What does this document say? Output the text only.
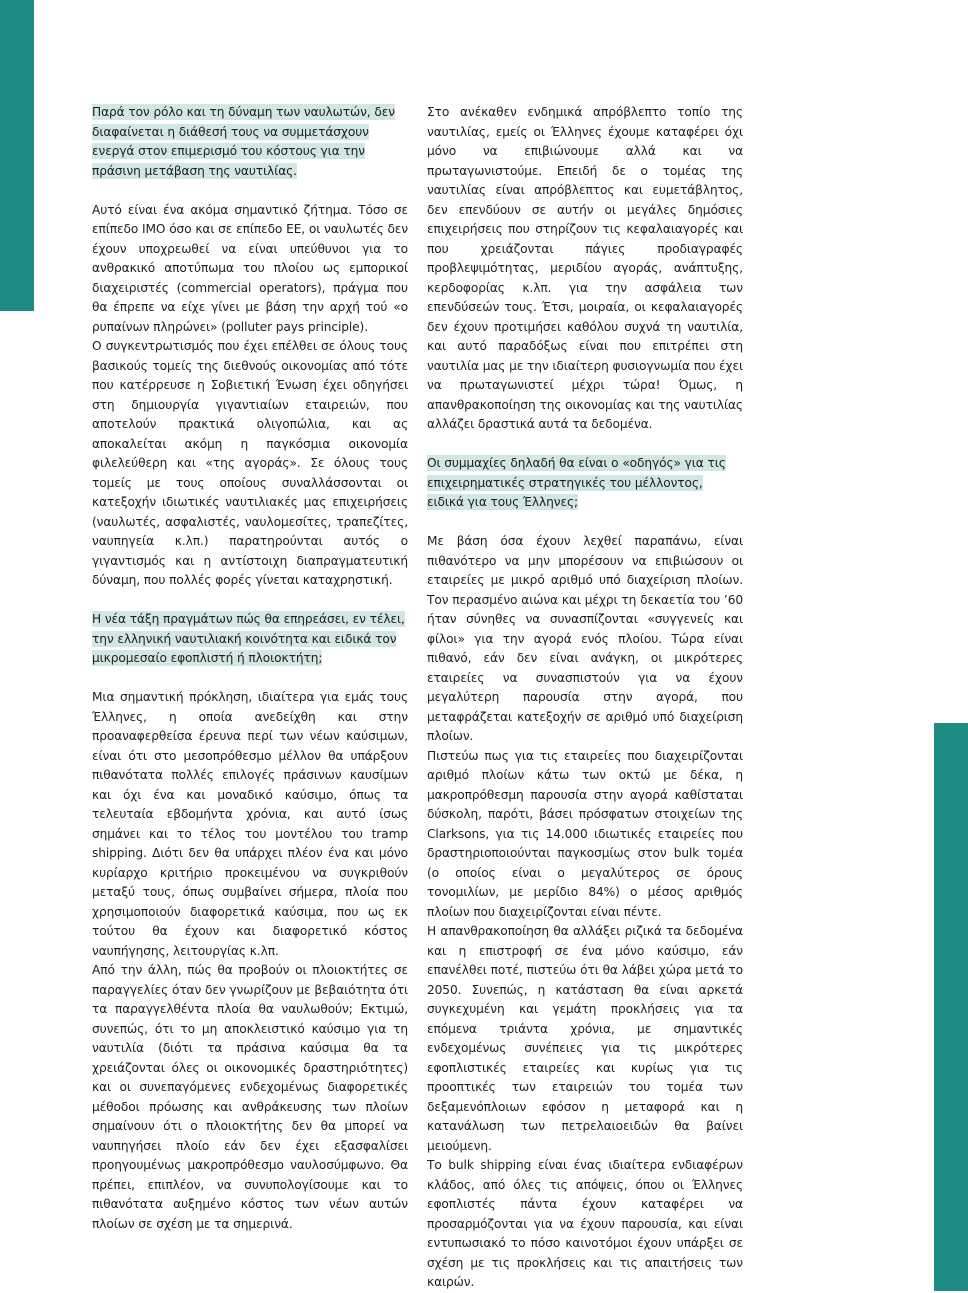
Παρά τον ρόλο και τη δύναμη των ναυλωτών, δεν διαφαίνεται η διάθεσή τους να συμμετάσχουν ενεργά στον επιμερισμό του κόστους για την πράσινη μετάβαση της ναυτιλίας.

Αυτό είναι ένα ακόμα σημαντικό ζήτημα. Τόσο σε επίπεδο IMO όσο και σε επίπεδο ΕΕ, οι ναυλωτές δεν έχουν υποχρεωθεί να είναι υπεύθυνοι για το ανθρακικό αποτύπωμα του πλοίου ως εμπορικοί διαχειριστές (commercial operators), πράγμα που θα έπρεπε να είχε γίνει με βάση την αρχή τού «ο ρυπαίνων πληρώνει» (polluter pays principle).

Ο συγκεντρωτισμός που έχει επέλθει σε όλους τους βασικούς τομείς της διεθνούς οικονομίας από τότε που κατέρρευσε η Σοβιετική Ένωση έχει οδηγήσει στη δημιουργία γιγαντιαίων εταιρειών, που αποτελούν πρακτικά ολιγοπώλια, και ας αποκαλείται ακόμη η παγκόσμια οικονομία φιλελεύθερη και «της αγοράς». Σε όλους τους τομείς με τους οποίους συναλλάσσονται οι κατεξοχήν ιδιωτικές ναυτιλιακές μας επιχειρήσεις (ναυλωτές, ασφαλιστές, ναυλομεσίτες, τραπεζίτες, ναυπηγεία κ.λπ.) παρατηρούνται αυτός ο γιγαντισμός και η αντίστοιχη διαπραγματευτική δύναμη, που πολλές φορές γίνεται καταχρηστική.

Η νέα τάξη πραγμάτων πώς θα επηρεάσει, εν τέλει, την ελληνική ναυτιλιακή κοινότητα και ειδικά τον μικρομεσαίο εφοπλιστή ή πλοιοκτήτη;

Μια σημαντική πρόκληση, ιδιαίτερα για εμάς τους Έλληνες, η οποία ανεδείχθη και στην προαναφερθείσα έρευνα περί των νέων καύσιμων, είναι ότι στο μεσοπρόθεσμο μέλλον θα υπάρξουν πιθανότατα πολλές επιλογές πράσινων καυσίμων και όχι ένα και μοναδικό καύσιμο, όπως τα τελευταία εβδομήντα χρόνια, και αυτό ίσως σημάνει και το τέλος του μοντέλου του tramp shipping. Διότι δεν θα υπάρχει πλέον ένα και μόνο κυρίαρχο κριτήριο προκειμένου να συγκριθούν μεταξύ τους, όπως συμβαίνει σήμερα, πλοία που χρησιμοποιούν διαφορετικά καύσιμα, που ως εκ τούτου θα έχουν και διαφορετικό κόστος ναυπήγησης, λειτουργίας κ.λπ.

Από την άλλη, πώς θα προβούν οι πλοιοκτήτες σε παραγγελίες όταν δεν γνωρίζουν με βεβαιότητα ότι τα παραγγελθέντα πλοία θα ναυλωθούν; Εκτιμώ, συνεπώς, ότι το μη αποκλειστικό καύσιμο για τη ναυτιλία (διότι τα πράσινα καύσιμα θα τα χρειάζονται όλες οι οικονομικές δραστηριότητες) και οι συνεπαγόμενες ενδεχομένως διαφορετικές μέθοδοι πρόωσης και ανθράκευσης των πλοίων σημαίνουν ότι ο πλοιοκτήτης δεν θα μπορεί να ναυπηγήσει πλοίο εάν δεν έχει εξασφαλίσει προηγουμένως μακροπρόθεσμο ναυλοσύμφωνο. Θα πρέπει, επιπλέον, να συνυπολογίσουμε και το πιθανότατα αυξημένο κόστος των νέων αυτών πλοίων σε σχέση με τα σημερινά.

Στο ανέκαθεν ενδημικά απρόβλεπτο τοπίο της ναυτιλίας, εμείς οι Έλληνες έχουμε καταφέρει όχι μόνο να επιβιώνουμε αλλά και να πρωταγωνιστούμε. Επειδή δε ο τομέας της ναυτιλίας είναι απρόβλεπτος και ευμετάβλητος, δεν επενδύουν σε αυτήν οι μεγάλες δημόσιες επιχειρήσεις που στηρίζουν τις κεφαλαιαγορές και που χρειάζονται πάγιες προδιαγραφές προβλεψιμότητας, μεριδίου αγοράς, ανάπτυξης, κερδοφορίας κ.λπ. για την ασφάλεια των επενδύσεών τους. Έτσι, μοιραία, οι κεφαλαιαγορές δεν έχουν προτιμήσει καθόλου συχνά τη ναυτιλία, και αυτό παραδόξως είναι που επιτρέπει στη ναυτιλία μας με την ιδιαίτερη φυσιογνωμία που έχει να πρωταγωνιστεί μέχρι τώρα! Όμως, η απανθρακοποίηση της οικονομίας και της ναυτιλίας αλλάζει δραστικά αυτά τα δεδομένα.

Οι συμμαχίες δηλαδή θα είναι ο «οδηγός» για τις επιχειρηματικές στρατηγικές του μέλλοντος, ειδικά για τους Έλληνες;

Με βάση όσα έχουν λεχθεί παραπάνω, είναι πιθανότερο να μην μπορέσουν να επιβιώσουν οι εταιρείες με μικρό αριθμό υπό διαχείριση πλοίων. Τον περασμένο αιώνα και μέχρι τη δεκαετία του ’60 ήταν σύνηθες να συνασπίζονται «συγγενείς και φίλοι» για την αγορά ενός πλοίου. Τώρα είναι πιθανό, εάν δεν είναι ανάγκη, οι μικρότερες εταιρείες να συνασπιστούν για να έχουν μεγαλύτερη παρουσία στην αγορά, που μεταφράζεται κατεξοχήν σε αριθμό υπό διαχείριση πλοίων.

Πιστεύω πως για τις εταιρείες που διαχειρίζονται αριθμό πλοίων κάτω των οκτώ με δέκα, η μακροπρόθεσμη παρουσία στην αγορά καθίσταται δύσκολη, παρότι, βάσει πρόσφατων στοιχείων της Clarksons, για τις 14.000 ιδιωτικές εταιρείες που δραστηριοποιούνται παγκοσμίως στον bulk τομέα (ο οποίος είναι ο μεγαλύτερος σε όρους τονομιλίων, με μερίδιο 84%) ο μέσος αριθμός πλοίων που διαχειρίζονται είναι πέντε.

Η απανθρακοποίηση θα αλλάξει ριζικά τα δεδομένα και η επιστροφή σε ένα μόνο καύσιμο, εάν επανέλθει ποτέ, πιστεύω ότι θα λάβει χώρα μετά το 2050. Συνεπώς, η κατάσταση θα είναι αρκετά συγκεχυμένη και γεμάτη προκλήσεις για τα επόμενα τριάντα χρόνια, με σημαντικές ενδεχομένως συνέπειες για τις μικρότερες εφοπλιστικές εταιρείες και κυρίως για τις προοπτικές των εταιρειών του τομέα των δεξαμενόπλοιων εφόσον η μεταφορά και η κατανάλωση των πετρελαιοειδών θα βαίνει μειούμενη.

Το bulk shipping είναι ένας ιδιαίτερα ενδιαφέρων κλάδος, από όλες τις απόψεις, όπου οι Έλληνες εφοπλιστές πάντα έχουν καταφέρει να προσαρμόζονται για να έχουν παρουσία, και είναι εντυπωσιακό το πόσο καινοτόμοι έχουν υπάρξει σε σχέση με τις προκλήσεις και τις απαιτήσεις των καιρών.
